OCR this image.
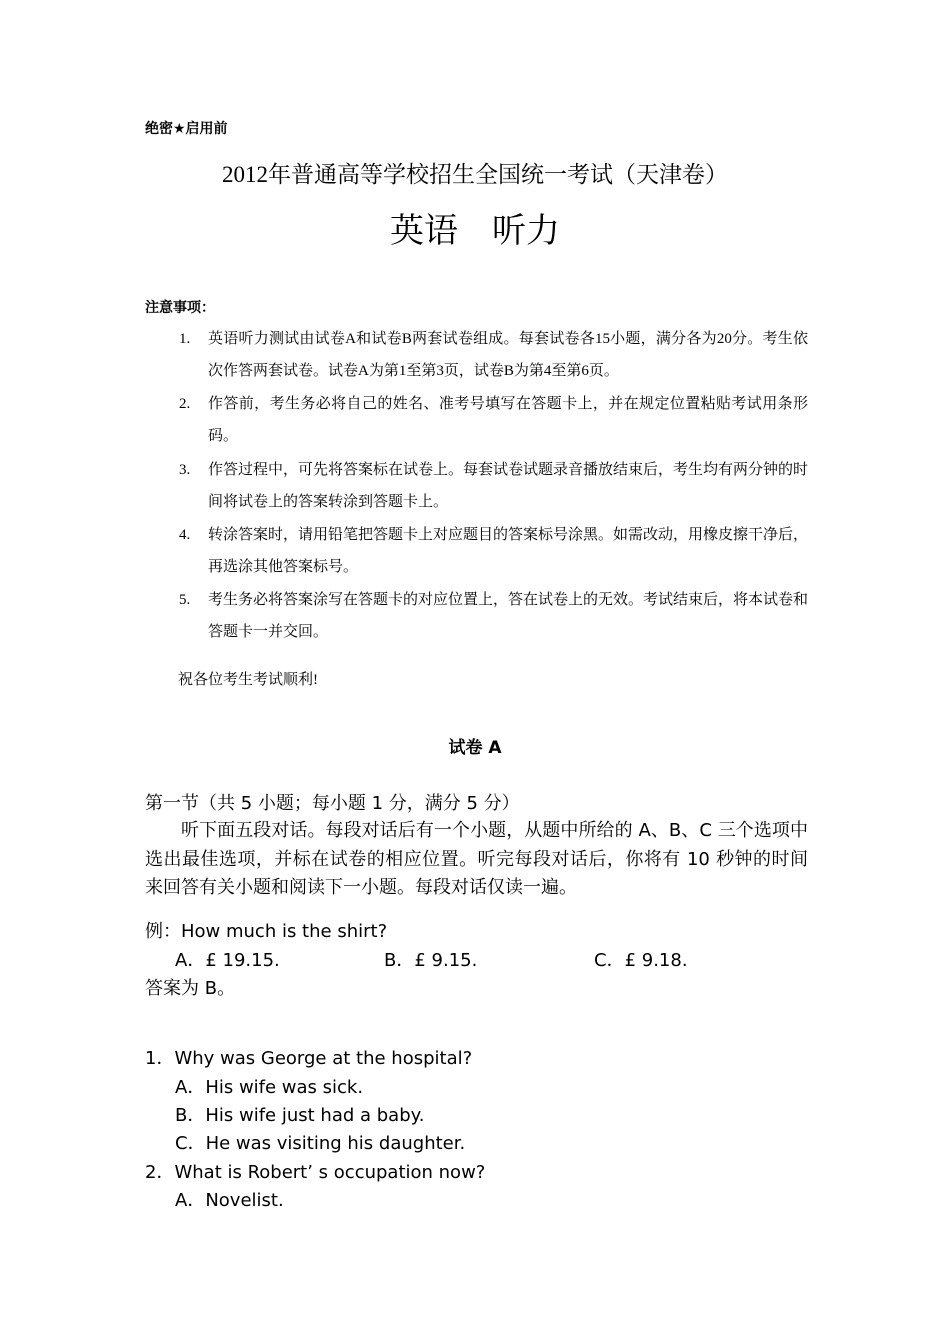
绝密★启用前
2012年普通高等学校招生全国统一考试（天津卷）
英语 听力
注意事项：
1. 英语听力测试由试卷A和试卷B两套试卷组成。每套试卷各15小题，满分各为20分。考生依次作答两套试卷。试卷A为第1至第3页，试卷B为第4至第6页。
2. 作答前，考生务必将自己的姓名、准考号填写在答题卡上，并在规定位置粘贴考试用条形码。
3. 作答过程中，可先将答案标在试卷上。每套试卷试题录音播放结束后，考生均有两分钟的时间将试卷上的答案转涂到答题卡上。
4. 转涂答案时，请用铅笔把答题卡上对应题目的答案标号涂黑。如需改动，用橡皮擦干净后，再选涂其他答案标号。
5. 考生务必将答案涂写在答题卡的对应位置上，答在试卷上的无效。考试结束后，将本试卷和答题卡一并交回。
祝各位考生考试顺利!
试卷 A
第一节（共 5 小题；每小题 1 分，满分 5 分）
听下面五段对话。每段对话后有一个小题，从题中所给的 A、B、C 三个选项中选出最佳选项，并标在试卷的相应位置。听完每段对话后，你将有 10 秒钟的时间来回答有关小题和阅读下一小题。每段对话仅读一遍。
例：How much is the shirt?
A．£ 19.15.	B．£ 9.15.	C．£ 9.18.
答案为 B。
1．Why was George at the hospital?
A．His wife was sick.
B．His wife just had a baby.
C．He was visiting his daughter.
2．What is Robert’ s occupation now?
A．Novelist.
